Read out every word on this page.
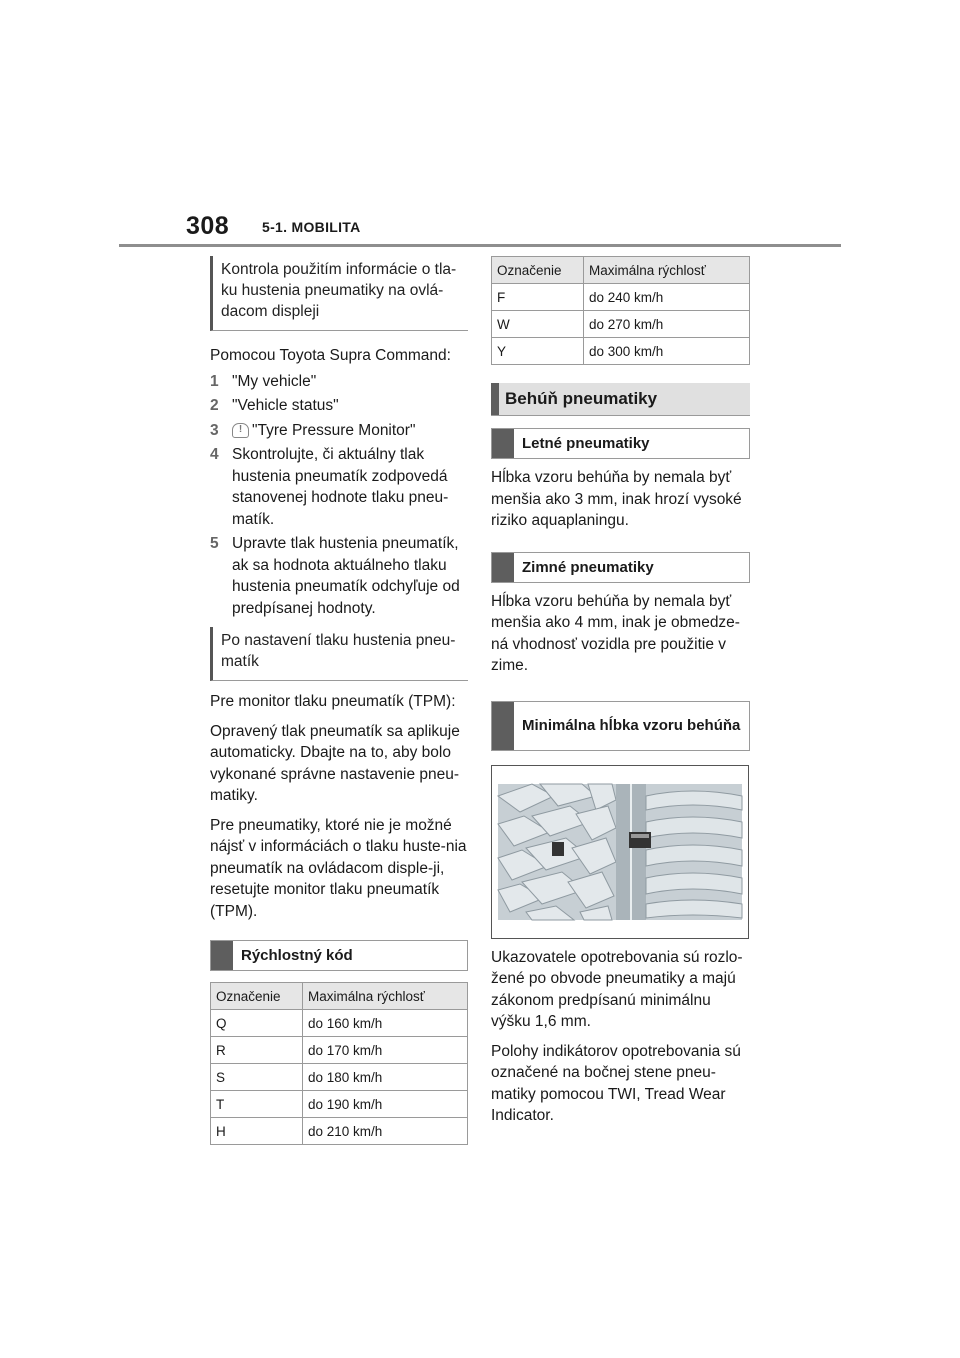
308 5-1. MOBILITA
Kontrola použitím informácie o tla-ku hustenia pneumatiky na ovlá-dacom displeji

Pomocou Toyota Supra Command:

1 "My vehicle"
2 "Vehicle status"
3	! "Tyre Pressure Monitor"
4 Skontrolujte, či aktuálny tlak hustenia pneumatík zodpovedá stanovenej hodnote tlaku pneu-matík.
5 Upravte tlak hustenia pneumatík, ak sa hodnota aktuálneho tlaku hustenia pneumatík odchyľuje od predpísanej hodnoty.
Po nastavení tlaku hustenia pneu-matík

Pre monitor tlaku pneumatík (TPM):

Opravený tlak pneumatík sa aplikuje automaticky. Dbajte na to, aby bolo vykonané správne nastavenie pneu-matiky.

Pre pneumatiky, ktoré nie je možné nájsť v informáciách o tlaku huste-nia pneumatík na ovládacom disple-ji, resetujte monitor tlaku pneumatík (TPM).

Rýchlostný kód
Označenie	Maximálna rýchlosť
Q	do 160 km/h
R	do 170 km/h
S	do 180 km/h
T	do 190 km/h
H	do 210 km/h
Označenie	Maximálna rýchlosť
F	do 240 km/h
W	do 270 km/h
Y	do 300 km/h
Behúň pneumatiky
Letné pneumatiky

Hĺbka vzoru behúňa by nemala byť menšia ako 3 mm, inak hrozí vysoké riziko aquaplaningu.

Zimné pneumatiky

Hĺbka vzoru behúňa by nemala byť menšia ako 4 mm, inak je obmedze-ná vhodnosť vozidla pre použitie v zime.

Minimálna hĺbka vzoru behúňa

Ukazovatele opotrebovania sú rozlo-žené po obvode pneumatiky a majú zákonom predpísanú minimálnu výšku 1,6 mm.

Polohy indikátorov opotrebovania sú označené na bočnej stene pneu-matiky pomocou TWI, Tread Wear Indicator.
